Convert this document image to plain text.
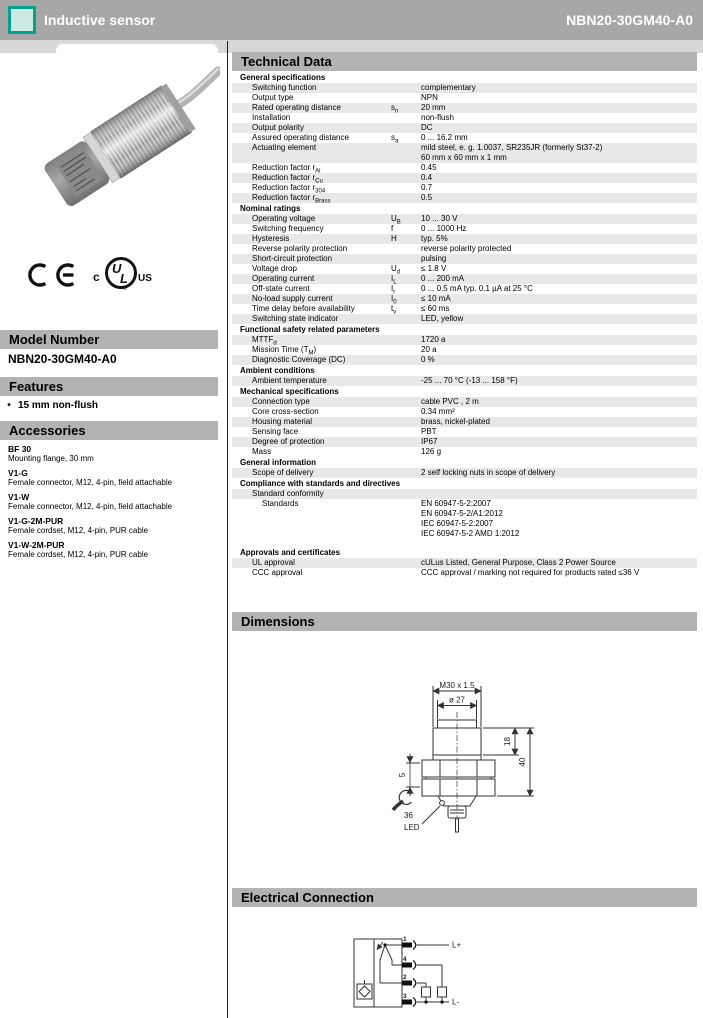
Inductive sensor	NBN20-30GM40-A0
c
U
L
®
US
Model Number
NBN20-30GM40-A0
Features
• 15 mm non-flush
Accessories
BF 30
Mounting flange, 30 mm
V1-G
Female connector, M12, 4-pin, field attachable
V1-W
Female connector, M12, 4-pin, field attachable
V1-G-2M-PUR
Female cordset, M12, 4-pin, PUR cable
V1-W-2M-PUR
Female cordset, M12, 4-pin, PUR cable
Technical Data
General specifications
Switching function	complementary
Output type	NPN
Rated operating distance	$s_n$	20 mm
Installation	non-flush
Output polarity	DC
Assured operating distance	$s_a$	0 ... 16.2 mm
Actuating element	mild steel, e. g. 1.0037, SR235JR (formerly St37-2)
60 mm x 60 mm x 1 mm
Reduction factor $r_{Al}$	0.45
Reduction factor $r_{Cu}$	0.4
Reduction factor $r_{304}$	0.7
Reduction factor $r_{Brass}$	0.5
Nominal ratings
Operating voltage	$U_B$	10 ... 30 V
Switching frequency	f	0 ... 1000 Hz
Hysteresis	H	typ. 5%
Reverse polarity protection	reverse polarity protected
Short-circuit protection	pulsing
Voltage drop	$U_d$	≤ 1.8 V
Operating current	$I_L$	0 ... 200 mA
Off-state current	$I_r$	0 ... 0.5 mA typ. 0.1 µA at 25 °C
No-load supply current	$I_0$	≤ 10 mA
Time delay before availability	$t_v$	≤ 60 ms
Switching state indicator	LED, yellow
Functional safety related parameters
$MTTF_d$	1720 a
Mission Time $(T_M)$	20 a
Diagnostic Coverage (DC)	0 %
Ambient conditions
Ambient temperature	-25 ... 70 °C (-13 ... 158 °F)
Mechanical specifications
Connection type	cable PVC , 2 m
Core cross-section	0.34 mm²
Housing material	brass, nickel-plated
Sensing face	PBT
Degree of protection	IP67
Mass	126 g
General information
Scope of delivery	2 self locking nuts in scope of delivery
Compliance with standards and directives
Standard conformity
Standards	EN 60947-5-2:2007
EN 60947-5-2/A1:2012
IEC 60947-5-2:2007
IEC 60947-5-2 AMD 1:2012
Approvals and certificates
UL approval	cULus Listed, General Purpose, Class 2 Power Source
CCC approval	CCC approval / marking not required for products rated ≤36 V
Dimensions
M30 x 1.5
ø 27
18
40
5
36
LED
Electrical Connection
1
4
2
3
L+
L-
